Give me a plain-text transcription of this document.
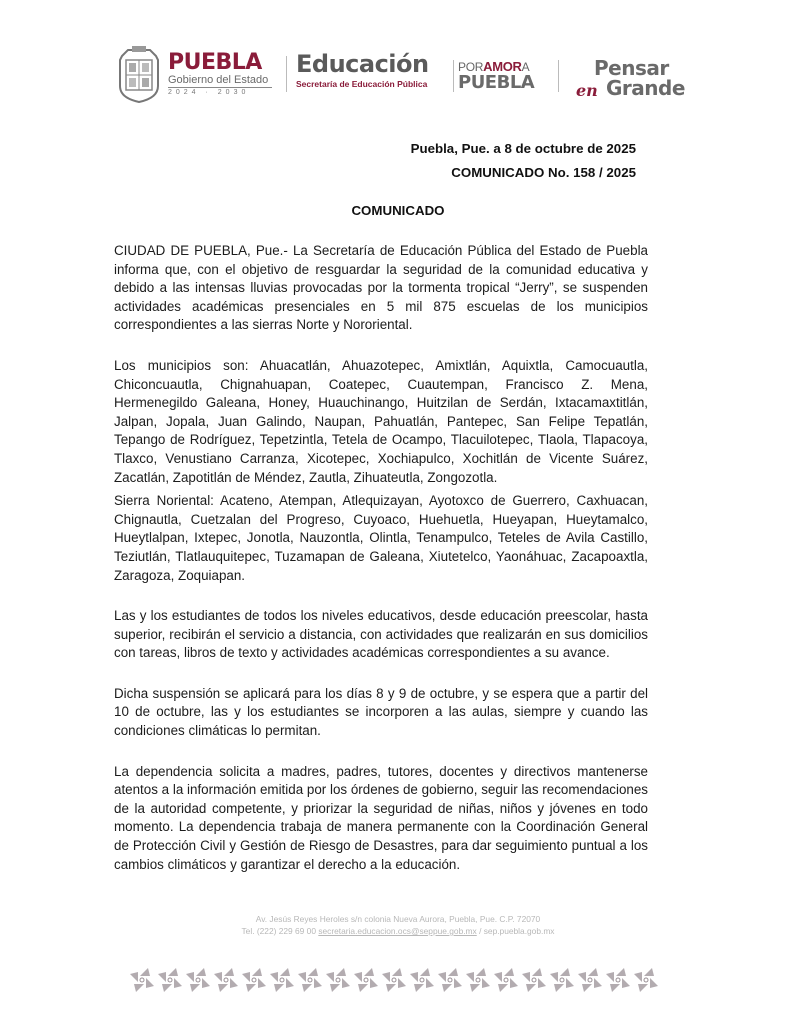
PUEBLA
Gobierno del Estado
2024 · 2030
Educación
Secretaría de Educación Pública
PORAMORA
PUEBLA
Pensar
Grande
en
Puebla, Pue. a 8 de octubre de 2025
COMUNICADO No. 158 / 2025
COMUNICADO

CIUDAD DE PUEBLA, Pue.- La Secretaría de Educación Pública del Estado de Puebla informa que, con el objetivo de resguardar la seguridad de la comunidad educativa y debido a las intensas lluvias provocadas por la tormenta tropical “Jerry”, se suspenden actividades académicas presenciales en 5 mil 875 escuelas de los municipios correspondientes a las sierras Norte y Nororiental.

Los municipios son: Ahuacatlán, Ahuazotepec, Amixtlán, Aquixtla, Camocuautla, Chiconcuautla, Chignahuapan, Coatepec, Cuautempan, Francisco Z. Mena, Hermenegildo Galeana, Honey, Huauchinango, Huitzilan de Serdán, Ixtacamaxtitlán, Jalpan, Jopala, Juan Galindo, Naupan, Pahuatlán, Pantepec, San Felipe Tepatlán, Tepango de Rodríguez, Tepetzintla, Tetela de Ocampo, Tlacuilotepec, Tlaola, Tlapacoya, Tlaxco, Venustiano Carranza, Xicotepec, Xochiapulco, Xochitlán de Vicente Suárez, Zacatlán, Zapotitlán de Méndez, Zautla, Zihuateutla, Zongozotla.

Sierra Noriental: Acateno, Atempan, Atlequizayan, Ayotoxco de Guerrero, Caxhuacan, Chignautla, Cuetzalan del Progreso, Cuyoaco, Huehuetla, Hueyapan, Hueytamalco, Hueytlalpan, Ixtepec, Jonotla, Nauzontla, Olintla, Tenampulco, Teteles de Avila Castillo, Teziutlán, Tlatlauquitepec, Tuzamapan de Galeana, Xiutetelco, Yaonáhuac, Zacapoaxtla, Zaragoza, Zoquiapan.

Las y los estudiantes de todos los niveles educativos, desde educación preescolar, hasta superior, recibirán el servicio a distancia, con actividades que realizarán en sus domicilios con tareas, libros de texto y actividades académicas correspondientes a su avance.

Dicha suspensión se aplicará para los días 8 y 9 de octubre, y se espera que a partir del 10 de octubre, las y los estudiantes se incorporen a las aulas, siempre y cuando las condiciones climáticas lo permitan.

La dependencia solicita a madres, padres, tutores, docentes y directivos mantenerse atentos a la información emitida por los órdenes de gobierno, seguir las recomendaciones de la autoridad competente, y priorizar la seguridad de niñas, niños y jóvenes en todo momento. La dependencia trabaja de manera permanente con la Coordinación General de Protección Civil y Gestión de Riesgo de Desastres, para dar seguimiento puntual a los cambios climáticos y garantizar el derecho a la educación.

Av. Jesús Reyes Heroles s/n colonia Nueva Aurora, Puebla, Pue. C.P. 72070
Tel. (222) 229 69 00 secretaria.educacion.ocs@seppue.gob.mx / sep.puebla.gob.mx
